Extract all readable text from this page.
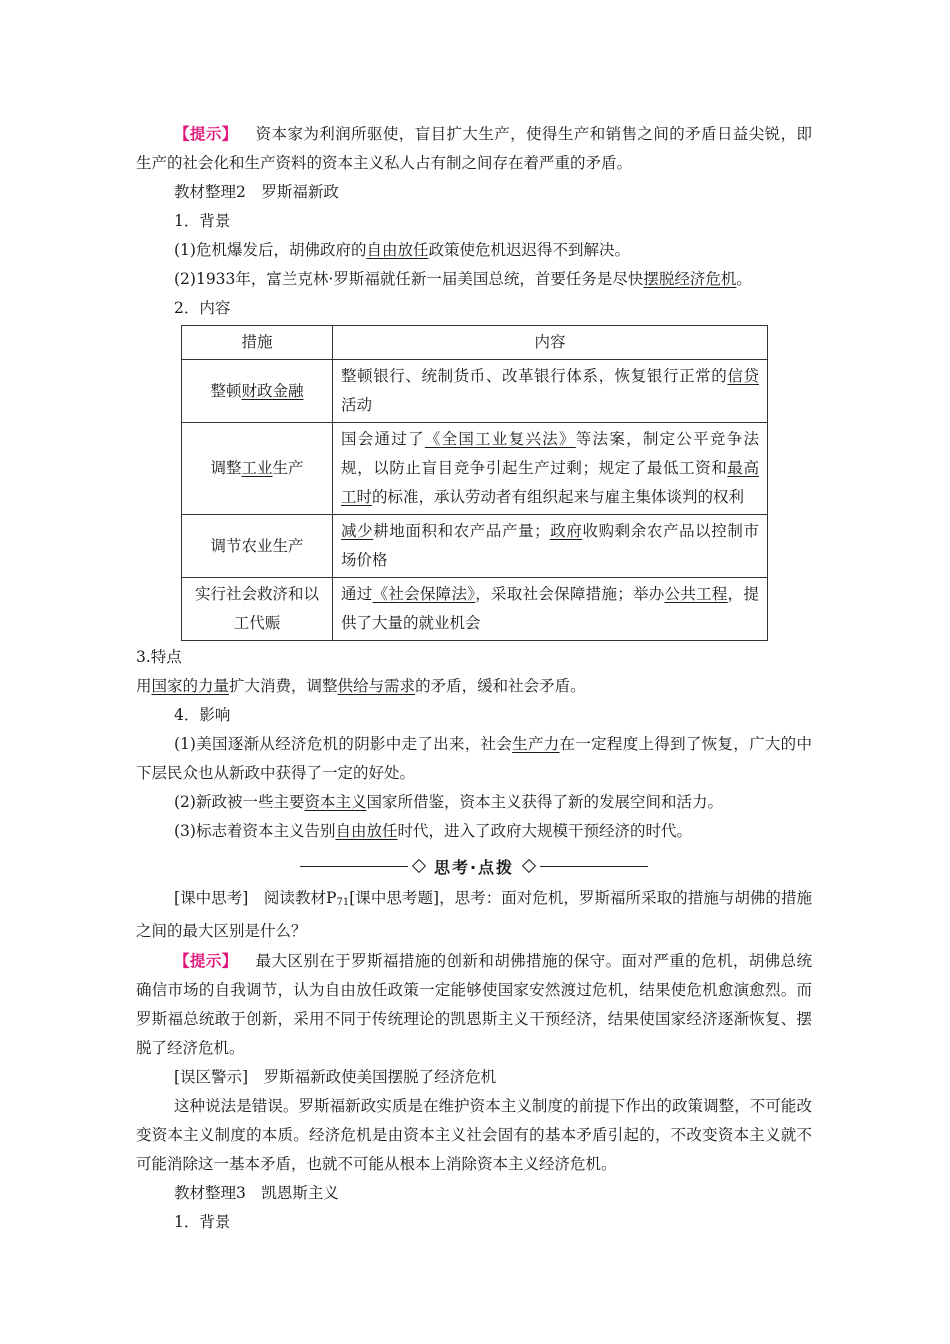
【提示】 资本家为利润所驱使，盲目扩大生产，使得生产和销售之间的矛盾日益尖锐，即生产的社会化和生产资料的资本主义私人占有制之间存在着严重的矛盾。

教材整理2　罗斯福新政

1．背景

(1)危机爆发后，胡佛政府的自由放任政策使危机迟迟得不到解决。

(2)1933年，富兰克林·罗斯福就任新一届美国总统，首要任务是尽快摆脱经济危机。

2．内容

措施	内容
整顿财政金融	整顿银行、统制货币、改革银行体系，恢复银行正常的信贷活动
调整工业生产	国会通过了《全国工业复兴法》等法案，制定公平竞争法规，以防止盲目竞争引起生产过剩；规定了最低工资和最高工时的标准，承认劳动者有组织起来与雇主集体谈判的权利
调节农业生产	减少耕地面积和农产品产量；政府收购剩余农产品以控制市场价格
实行社会救济和以工代赈	通过《社会保障法》，采取社会保障措施；举办公共工程，提供了大量的就业机会

3.特点

用国家的力量扩大消费，调整供给与需求的矛盾，缓和社会矛盾。

4．影响

(1)美国逐渐从经济危机的阴影中走了出来，社会生产力在一定程度上得到了恢复，广大的中下层民众也从新政中获得了一定的好处。

(2)新政被一些主要资本主义国家所借鉴，资本主义获得了新的发展空间和活力。

(3)标志着资本主义告别自由放任时代，进入了政府大规模干预经济的时代。

思考·点拨

[课中思考]　阅读教材$P_{71}$[课中思考题]，思考：面对危机，罗斯福所采取的措施与胡佛的措施之间的最大区别是什么？

【提示】 最大区别在于罗斯福措施的创新和胡佛措施的保守。面对严重的危机，胡佛总统确信市场的自我调节，认为自由放任政策一定能够使国家安然渡过危机，结果使危机愈演愈烈。而罗斯福总统敢于创新，采用不同于传统理论的凯恩斯主义干预经济，结果使国家经济逐渐恢复、摆脱了经济危机。

[误区警示]　罗斯福新政使美国摆脱了经济危机

这种说法是错误。罗斯福新政实质是在维护资本主义制度的前提下作出的政策调整，不可能改变资本主义制度的本质。经济危机是由资本主义社会固有的基本矛盾引起的，不改变资本主义就不可能消除这一基本矛盾，也就不可能从根本上消除资本主义经济危机。

教材整理3　凯恩斯主义

1．背景
